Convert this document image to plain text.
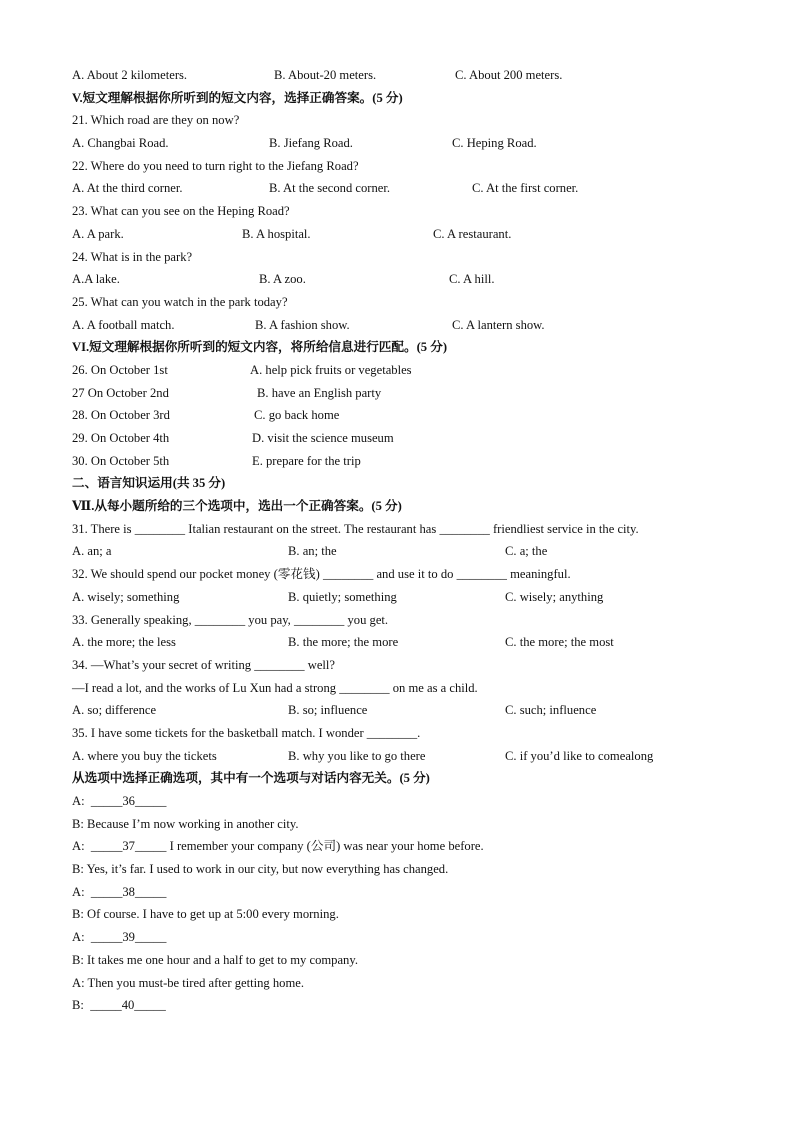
A. About 2 kilometers.	B. About-20 meters.	C. About 200 meters.
V.短文理解根据你所听到的短文内容，选择正确答案。(5 分)
21. Which road are they on now?
A. Changbai Road.	B. Jiefang Road.	C. Heping Road.
22. Where do you need to turn right to the Jiefang Road?
A. At the third corner.	B. At the second corner.	C. At the first corner.
23. What can you see on the Heping Road?
A. A park.	B. A hospital.	C. A restaurant.
24. What is in the park?
A.A lake.	B. A zoo.	C. A hill.
25. What can you watch in the park today?
A. A football match.	B. A fashion show.	C. A lantern show.
VI.短文理解根据你所听到的短文内容，将所给信息进行匹配。(5 分)
26. On October 1st	A. help pick fruits or vegetables
27 On October 2nd	B. have an English party
28. On October 3rd	C. go back home
29. On October 4th	D. visit the science museum
30. On October 5th	E. prepare for the trip
二、语言知识运用(共 35 分)
Ⅶ.从每小题所给的三个选项中，选出一个正确答案。(5 分)
31. There is ________ Italian restaurant on the street. The restaurant has ________ friendliest service in the city.
A. an; a	B. an; the	C. a; the
32. We should spend our pocket money (零花钱) ________ and use it to do ________ meaningful.
A. wisely; something	B. quietly; something	C. wisely; anything
33. Generally speaking, ________ you pay, ________ you get.
A. the more; the less	B. the more; the more	C. the more; the most
34. —What’s your secret of writing ________ well?
—I read a lot, and the works of Lu Xun had a strong ________ on me as a child.
A. so; difference	B. so; influence	C. such; influence
35. I have some tickets for the basketball match. I wonder ________.
A. where you buy the tickets	B. why you like to go there	C. if you’d like to comealong
从选项中选择正确选项，其中有一个选项与对话内容无关。(5 分)
A:  _____36_____
B: Because I’m now working in another city.
A:  _____37_____ I remember your company (公司) was near your home before.
B: Yes, it’s far. I used to work in our city, but now everything has changed.
A:  _____38_____
B: Of course. I have to get up at 5:00 every morning.
A:  _____39_____
B: It takes me one hour and a half to get to my company.
A: Then you must-be tired after getting home.
B:  _____40_____
